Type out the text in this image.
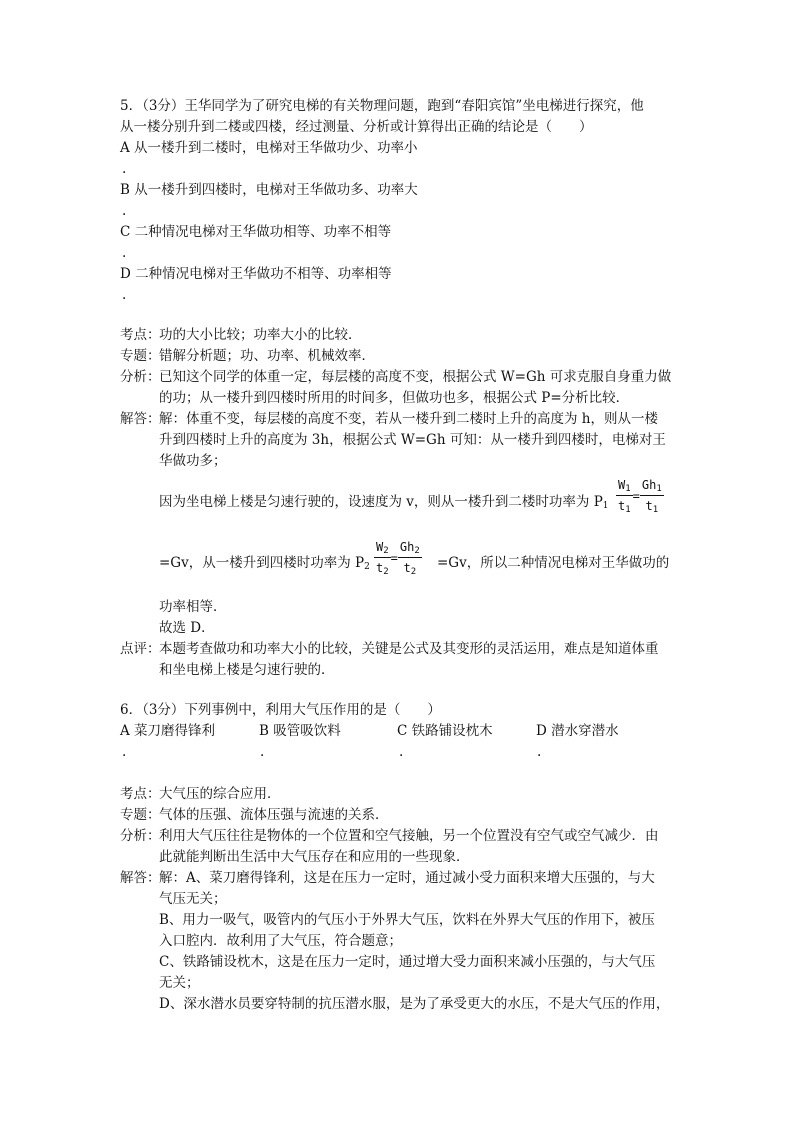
5．（3分）王华同学为了研究电梯的有关物理问题，跑到“春阳宾馆”坐电梯进行探究，他
从一楼分别升到二楼或四楼，经过测量、分析或计算得出正确的结论是（　　）
A 从一楼升到二楼时，电梯对王华做功少、功率小
.
B 从一楼升到四楼时，电梯对王华做功多、功率大
.
C 二种情况电梯对王华做功相等、功率不相等
.
D 二种情况电梯对王华做功不相等、功率相等
.
考点：功的大小比较；功率大小的比较．
专题：错解分析题；功、功率、机械效率．
分析：已知这个同学的体重一定，每层楼的高度不变，根据公式 W=Gh 可求克服自身重力做
的功；从一楼升到四楼时所用的时间多，但做功也多，根据公式 P=分析比较．
解答：解：体重不变，每层楼的高度不变，若从一楼升到二楼时上升的高度为 h，则从一楼
升到四楼时上升的高度为 3h，根据公式 W=Gh 可知：从一楼升到四楼时，电梯对王
华做功多；
因为坐电梯上楼是匀速行驶的，设速度为 v，则从一楼升到二楼时功率为 $P_1 \frac{W_1}{t_1} = \frac{Gh_1}{t_1}$
=Gv，从一楼升到四楼时功率为 $P_2 \frac{W_2}{t_2} = \frac{Gh_2}{t_2} =Gv$，所以二种情况电梯对王华做功的
功率相等．
故选 D．
点评：本题考查做功和功率大小的比较，关键是公式及其变形的灵活运用，难点是知道体重
和坐电梯上楼是匀速行驶的．
6．（3分）下列事例中，利用大气压作用的是（　　）
A 菜刀磨得锋利	B 吸管吸饮料	C 铁路铺设枕木	D 潜水穿潜水
.	.	.	.
考点：大气压的综合应用．
专题：气体的压强、流体压强与流速的关系．
分析：利用大气压往往是物体的一个位置和空气接触，另一个位置没有空气或空气减少．由
此就能判断出生活中大气压存在和应用的一些现象．
解答：解：A、菜刀磨得锋利，这是在压力一定时，通过减小受力面积来增大压强的，与大
气压无关；
B、用力一吸气，吸管内的气压小于外界大气压，饮料在外界大气压的作用下，被压
入口腔内．故利用了大气压，符合题意；
C、铁路铺设枕木，这是在压力一定时，通过增大受力面积来减小压强的，与大气压
无关；
D、深水潜水员要穿特制的抗压潜水服，是为了承受更大的水压，不是大气压的作用，
